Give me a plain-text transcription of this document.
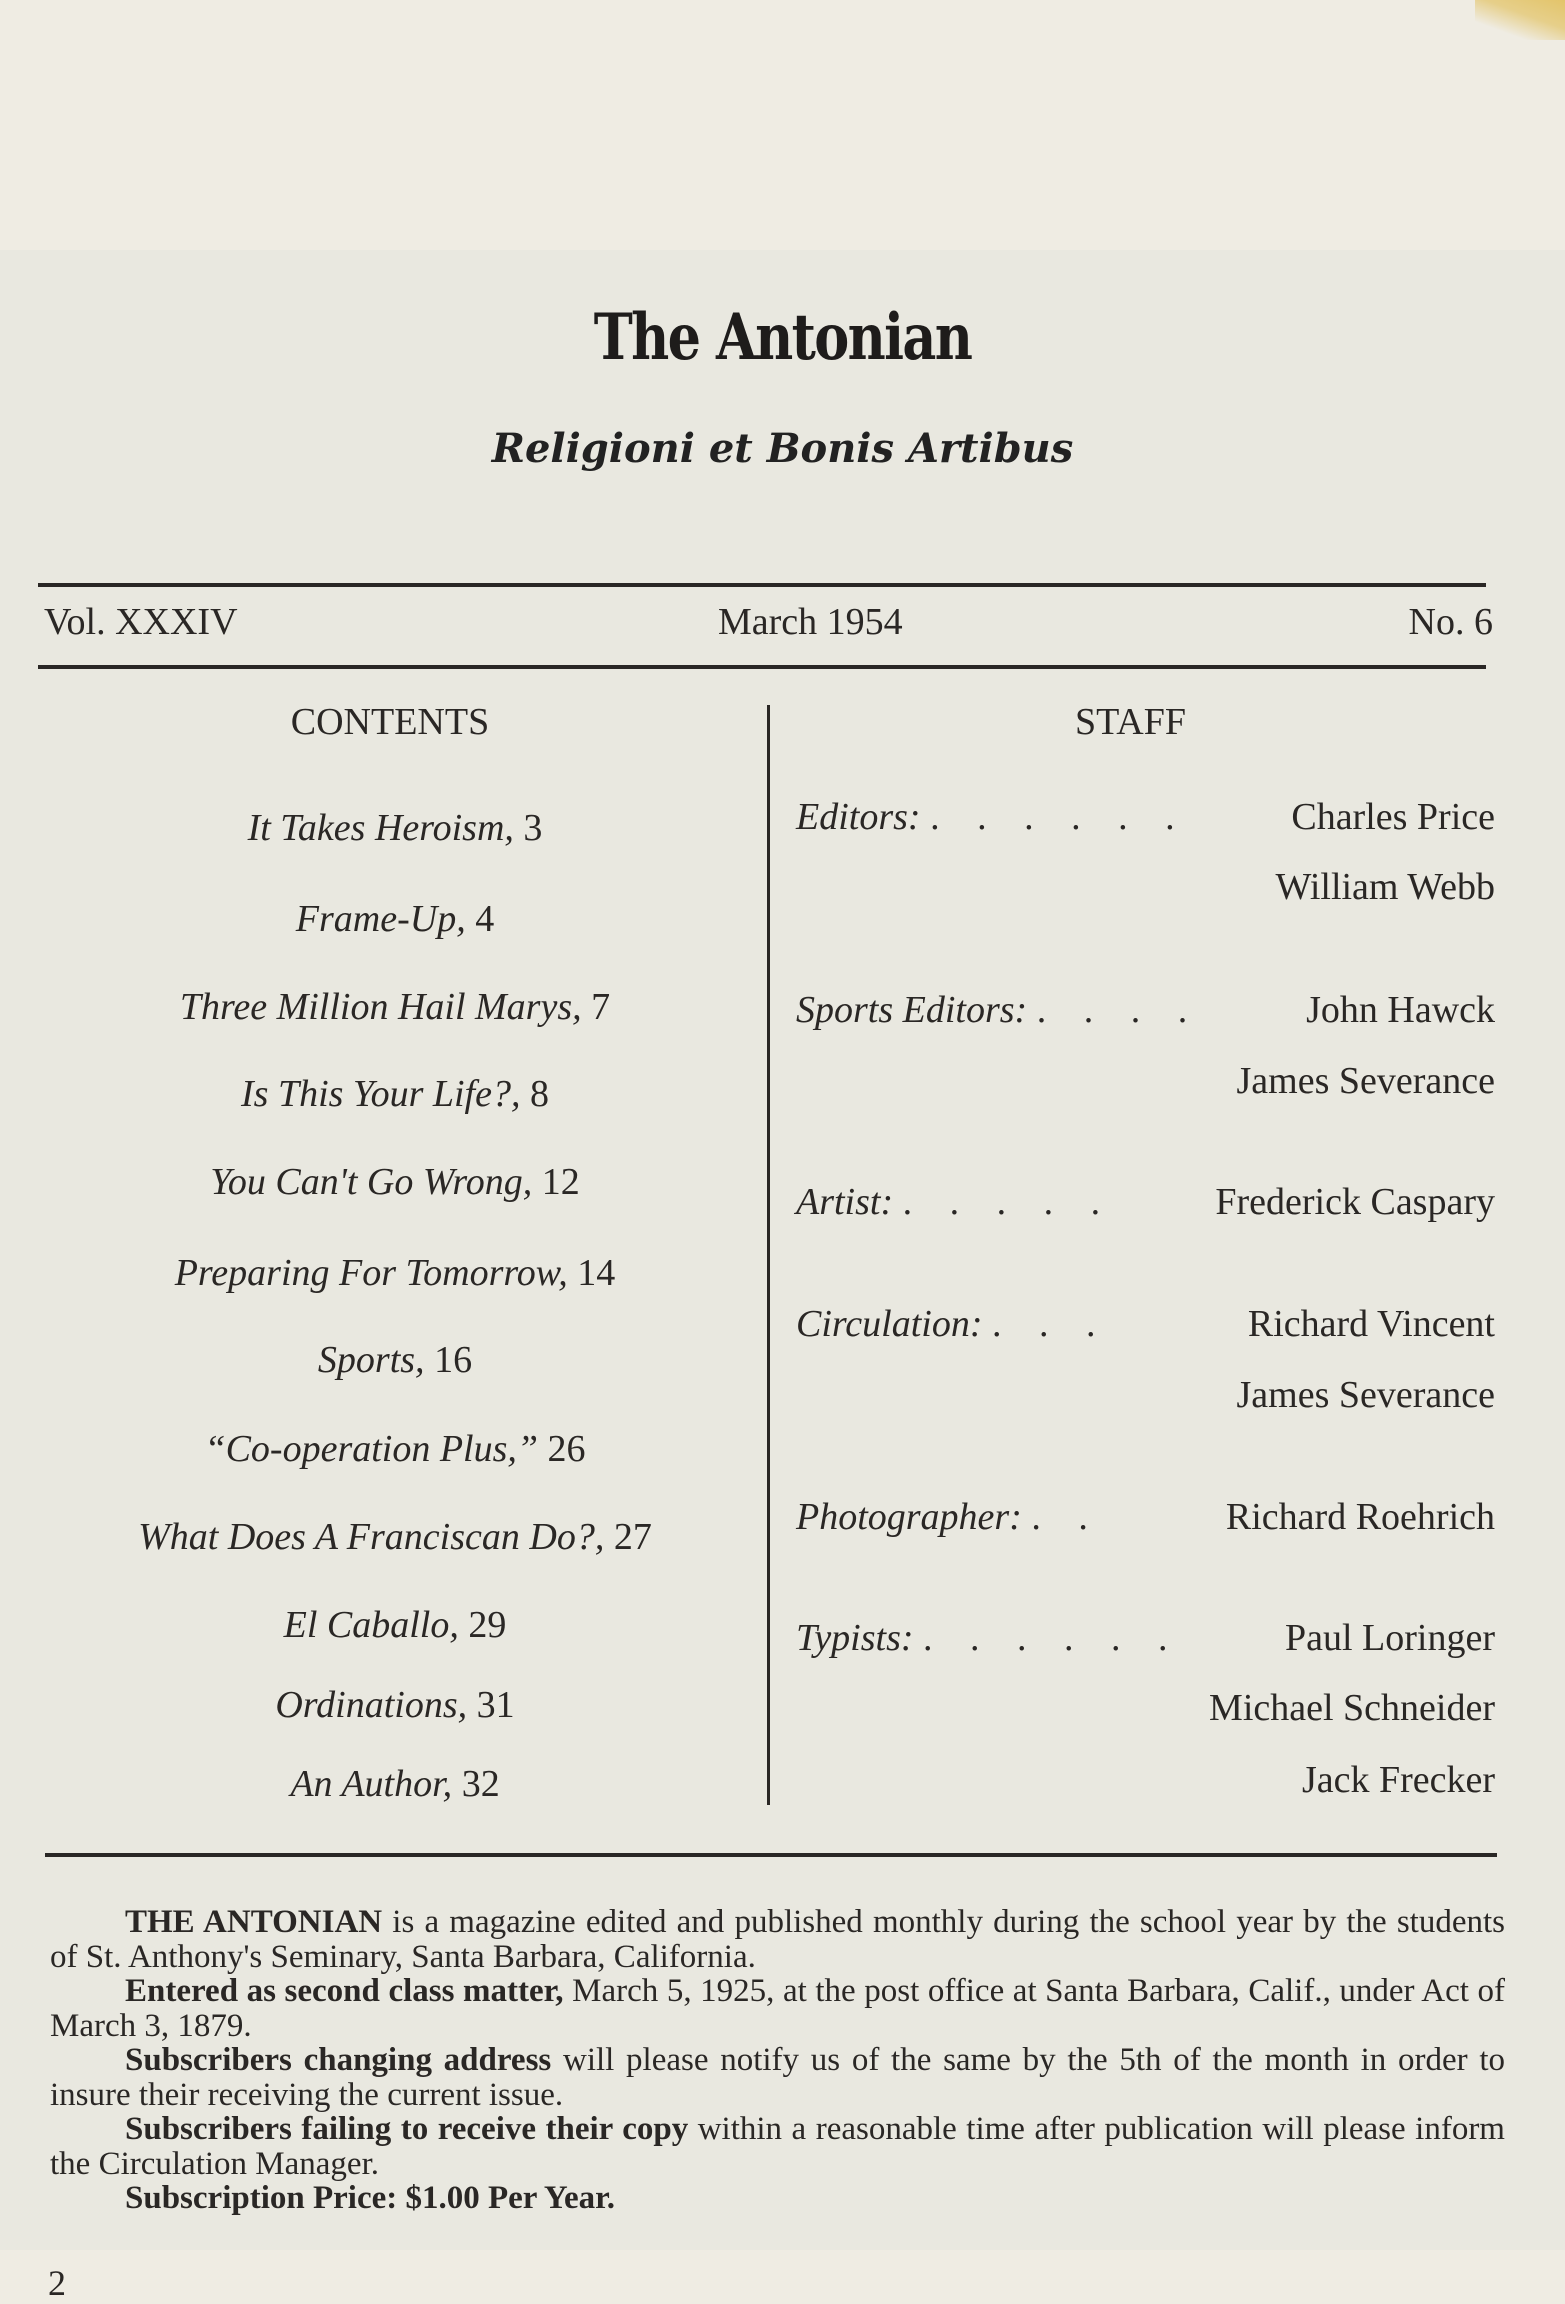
The Antonian
Religioni et Bonis Artibus
Vol. XXXIV	March 1954	No. 6
CONTENTS
It Takes Heroism, 3
Frame-Up, 4
Three Million Hail Marys, 7
Is This Your Life?, 8
You Can't Go Wrong, 12
Preparing For Tomorrow, 14
Sports, 16
“Co-operation Plus,” 26
What Does A Franciscan Do?, 27
El Caballo, 29
Ordinations, 31
An Author, 32
STAFF
Editors: . . . . . .	Charles Price
William Webb
Sports Editors: . . . .	John Hawck
James Severance
Artist: . . . . .	Frederick Caspary
Circulation: . . .	Richard Vincent
James Severance
Photographer: . .	Richard Roehrich
Typists: . . . . . .	Paul Loringer
Michael Schneider
Jack Frecker

THE ANTONIAN is a magazine edited and published monthly during the school year by the students of St. Anthony's Seminary, Santa Barbara, California.

Entered as second class matter, March 5, 1925, at the post office at Santa Barbara, Calif., under Act of March 3, 1879.

Subscribers changing address will please notify us of the same by the 5th of the month in order to insure their receiving the current issue.

Subscribers failing to receive their copy within a reasonable time after publication will please inform the Circulation Manager.

Subscription Price: $1.00 Per Year.

2
